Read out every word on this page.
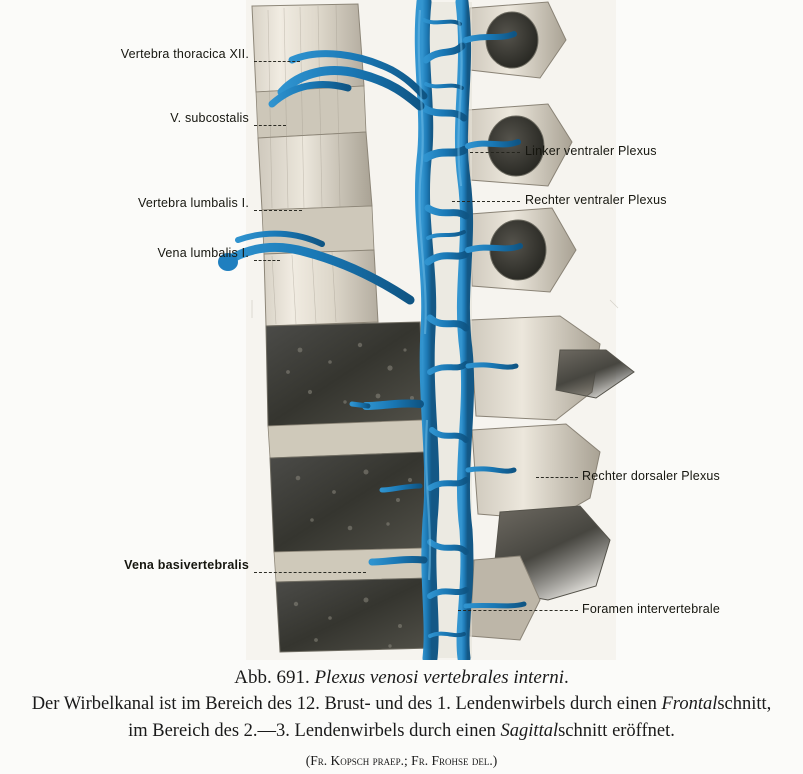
Vertebra thoracica XII.
V. subcostalis
Vertebra lumbalis I.
Vena lumbalis I.
Vena basivertebralis
Linker ventraler Plexus
Rechter ventraler Plexus
Rechter dorsaler Plexus
Foramen intervertebrale
Abb. 691. Plexus venosi vertebrales interni.
Der Wirbelkanal ist im Bereich des 12. Brust- und des 1. Lendenwirbels durch einen Frontalschnitt,
im Bereich des 2.—3. Lendenwirbels durch einen Sagittalschnitt eröffnet.
(Fr. Kopsch praep.; Fr. Frohse del.)
